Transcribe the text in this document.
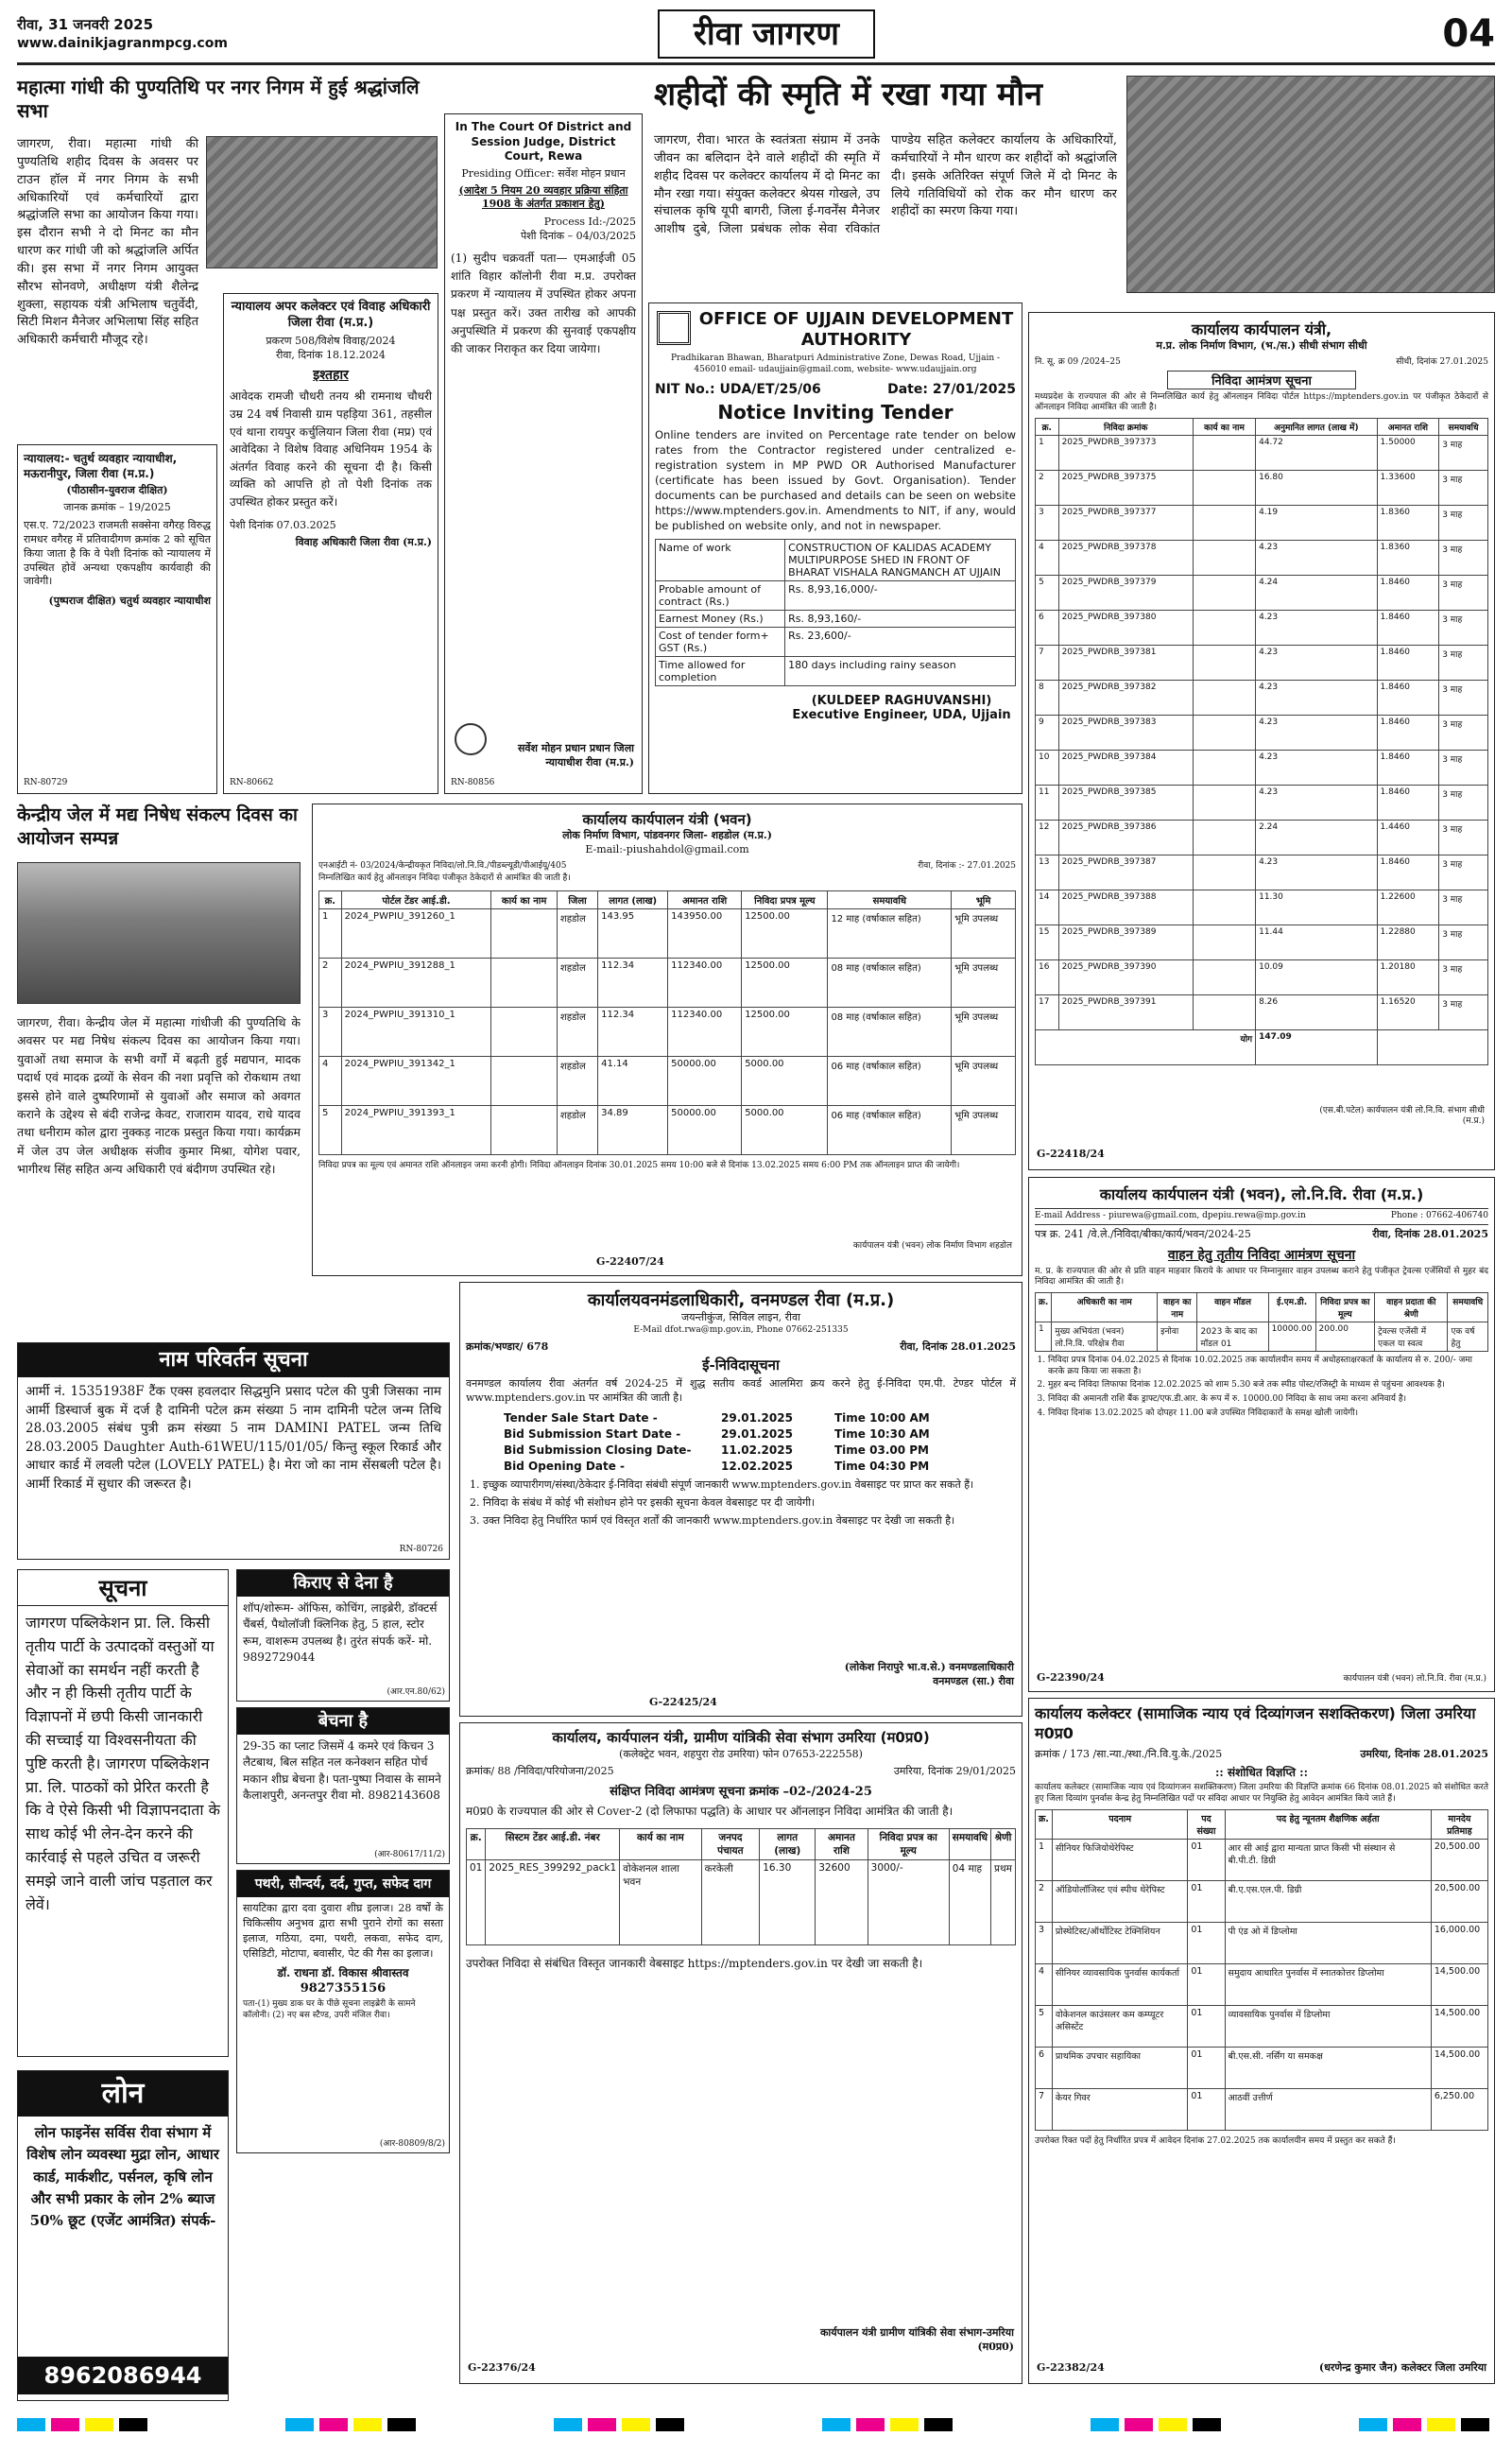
रीवा, 31 जनवरी 2025
www.dainikjagranmpcg.com	रीवा जागरण	04
महात्मा गांधी की पुण्यतिथि पर नगर निगम में हुई श्रद्धांजलि सभा
जागरण, रीवा। महात्मा गांधी की पुण्यतिथि शहीद दिवस के अवसर पर टाउन हॉल में नगर निगम के सभी अधिकारियों एवं कर्मचारियों द्वारा श्रद्धांजलि सभा का आयोजन किया गया। इस दौरान सभी ने दो मिनट का मौन धारण कर गांधी जी को श्रद्धांजलि अर्पित की। इस सभा में नगर निगम आयुक्त सौरभ सोनवणे, अधीक्षण यंत्री शैलेन्द्र शुक्ला, सहायक यंत्री अभिलाष चतुर्वेदी, सिटी मिशन मैनेजर अभिलाषा सिंह सहित अधिकारी कर्मचारी मौजूद रहे।
न्यायालय:- चतुर्थ व्यवहार न्यायाधीश, मऊरानीपुर, जिला रीवा (म.प्र.)
(पीठासीन-युवराज दीक्षित)
जानक क्रमांक – 19/2025
एस.ए. 72/2023 राजमती सक्सेना वगैरह विरुद्ध रामधर वगैरह में प्रतिवादीगण क्रमांक 2 को सूचित किया जाता है कि वे पेशी दिनांक को न्यायालय में उपस्थित होवें अन्यथा एकपक्षीय कार्यवाही की जावेगी।
(पुष्पराज दीक्षित) चतुर्थ व्यवहार न्यायाधीश
RN-80729
न्यायालय अपर कलेक्टर एवं विवाह अधिकारी जिला रीवा (म.प्र.)
प्रकरण 508/विशेष विवाह/2024
रीवा, दिनांक 18.12.2024
इश्तहार
आवेदक रामजी चौधरी तनय श्री रामनाथ चौधरी उम्र 24 वर्ष निवासी ग्राम पहड़िया 361, तहसील एवं थाना रायपुर कर्चुलियान जिला रीवा (मप्र) एवं आवेदिका ने विशेष विवाह अधिनियम 1954 के अंतर्गत विवाह करने की सूचना दी है। किसी व्यक्ति को आपत्ति हो तो पेशी दिनांक तक उपस्थित होकर प्रस्तुत करें।
पेशी दिनांक 07.03.2025
विवाह अधिकारी जिला रीवा (म.प्र.)
RN-80662
In The Court Of District and Session Judge, District Court, Rewa
Presiding Officer: सर्वेश मोहन प्रधान
(आदेश 5 नियम 20 व्यवहार प्रक्रिया संहिता 1908 के अंतर्गत प्रकाशन हेतु)
Process Id:-/2025
पेशी दिनांक – 04/03/2025
(1) सुदीप चक्रवर्ती पता— एमआईजी 05 शांति विहार कॉलोनी रीवा म.प्र. उपरोक्त प्रकरण में न्यायालय में उपस्थित होकर अपना पक्ष प्रस्तुत करें। उक्त तारीख को आपकी अनुपस्थिति में प्रकरण की सुनवाई एकपक्षीय की जाकर निराकृत कर दिया जायेगा।
सर्वेश मोहन प्रधान प्रधान जिला न्यायाधीश रीवा (म.प्र.)
RN-80856
शहीदों की स्मृति में रखा गया मौन
जागरण, रीवा। भारत के स्वतंत्रता संग्राम में उनके जीवन का बलिदान देने वाले शहीदों की स्मृति में शहीद दिवस पर कलेक्टर कार्यालय में दो मिनट का मौन रखा गया। संयुक्त कलेक्टर श्रेयस गोखले, उप संचालक कृषि यूपी बागरी, जिला ई-गवर्नेंस मैनेजर आशीष दुबे, जिला प्रबंधक लोक सेवा रविकांत पाण्डेय सहित कलेक्टर कार्यालय के अधिकारियों, कर्मचारियों ने मौन धारण कर शहीदों को श्रद्धांजलि दी। इसके अतिरिक्त संपूर्ण जिले में दो मिनट के लिये गतिविधियों को रोक कर मौन धारण कर शहीदों का स्मरण किया गया।
OFFICE OF UJJAIN DEVELOPMENT AUTHORITY
Pradhikaran Bhawan, Bharatpuri Administrative Zone, Dewas Road, Ujjain - 456010 email- udaujjain@gmail.com, website- www.udaujjain.org
NIT No.: UDA/ET/25/06	Date: 27/01/2025
Notice Inviting Tender
Online tenders are invited on Percentage rate tender on below rates from the Contractor registered under centralized e-registration system in MP PWD OR Authorised Manufacturer (certificate has been issued by Govt. Organisation). Tender documents can be purchased and details can be seen on website https://www.mptenders.gov.in. Amendments to NIT, if any, would be published on website only, and not in newspaper.
Name of work	CONSTRUCTION OF KALIDAS ACADEMY MULTIPURPOSE SHED IN FRONT OF BHARAT VISHALA RANGMANCH AT UJJAIN
Probable amount of contract (Rs.)	Rs. 8,93,16,000/-
Earnest Money (Rs.)	Rs. 8,93,160/-
Cost of tender form+ GST (Rs.)	Rs. 23,600/-
Time allowed for completion	180 days including rainy season
(KULDEEP RAGHUVANSHI)
Executive Engineer, UDA, Ujjain
कार्यालय कार्यपालन यंत्री,
म.प्र. लोक निर्माण विभाग, (भ./स.) सीधी संभाग सीधी
नि. सू. क्र 09 /2024–25	सीधी, दिनांक 27.01.2025
निविदा आमंत्रण सूचना
मध्यप्रदेश के राज्यपाल की ओर से निम्नलिखित कार्य हेतु ऑनलाइन निविदा पोर्टल https://mptenders.gov.in पर पंजीकृत ठेकेदारों से ऑनलाइन निविदा आमंत्रित की जाती है।
क्र.	निविदा क्रमांक	कार्य का नाम	अनुमानित लागत (लाख में)	अमानत राशि	समयावधि
1	2025_PWDRB_397373		44.72	1.50000	3 माह
2	2025_PWDRB_397375		16.80	1.33600	3 माह
3	2025_PWDRB_397377		4.19	1.8360	3 माह
4	2025_PWDRB_397378		4.23	1.8360	3 माह
5	2025_PWDRB_397379		4.24	1.8460	3 माह
6	2025_PWDRB_397380		4.23	1.8460	3 माह
7	2025_PWDRB_397381		4.23	1.8460	3 माह
8	2025_PWDRB_397382		4.23	1.8460	3 माह
9	2025_PWDRB_397383		4.23	1.8460	3 माह
10	2025_PWDRB_397384		4.23	1.8460	3 माह
11	2025_PWDRB_397385		4.23	1.8460	3 माह
12	2025_PWDRB_397386		2.24	1.4460	3 माह
13	2025_PWDRB_397387		4.23	1.8460	3 माह
14	2025_PWDRB_397388		11.30	1.22600	3 माह
15	2025_PWDRB_397389		11.44	1.22880	3 माह
16	2025_PWDRB_397390		10.09	1.20180	3 माह
17	2025_PWDRB_397391		8.26	1.16520	3 माह
योग			147.09		
(एस.बी.पटेल) कार्यपालन यंत्री लो.नि.वि. संभाग सीधी (म.प्र.)
G-22418/24
केन्द्रीय जेल में मद्य निषेध संकल्प दिवस का आयोजन सम्पन्न
जागरण, रीवा। केन्द्रीय जेल में महात्मा गांधीजी की पुण्यतिथि के अवसर पर मद्य निषेध संकल्प दिवस का आयोजन किया गया। युवाओं तथा समाज के सभी वर्गों में बढ़ती हुई मद्यपान, मादक पदार्थ एवं मादक द्रव्यों के सेवन की नशा प्रवृत्ति को रोकथाम तथा इससे होने वाले दुष्परिणामों से युवाओं और समाज को अवगत कराने के उद्देश्य से बंदी राजेन्द्र केवट, राजाराम यादव, राधे यादव तथा धनीराम कोल द्वारा नुक्कड़ नाटक प्रस्तुत किया गया। कार्यक्रम में जेल उप जेल अधीक्षक संजीव कुमार मिश्रा, योगेश पवार, भागीरथ सिंह सहित अन्य अधिकारी एवं बंदीगण उपस्थित रहे।
कार्यालय कार्यपालन यंत्री (भवन)
लोक निर्माण विभाग, पांडवनगर जिला- शहडोल (म.प्र.)
E-mail:-piushahdol@gmail.com
एनआईटी नं- 03/2024/केन्द्रीयकृत निविदा/लो.नि.वि./पीडब्ल्यूडी/पीआईयू/405	रीवा, दिनांक :- 27.01.2025
निम्नलिखित कार्य हेतु ऑनलाइन निविदा पंजीकृत ठेकेदारों से आमंत्रित की जाती है।
क्र.	पोर्टल टेंडर आई.डी.	कार्य का नाम	जिला	लागत (लाख)	अमानत राशि	निविदा प्रपत्र मूल्य	समयावधि	भूमि
1	2024_PWPIU_391260_1		शहडोल	143.95	143950.00	12500.00	12 माह (वर्षाकाल सहित)	भूमि उपलब्ध
2	2024_PWPIU_391288_1		शहडोल	112.34	112340.00	12500.00	08 माह (वर्षाकाल सहित)	भूमि उपलब्ध
3	2024_PWPIU_391310_1		शहडोल	112.34	112340.00	12500.00	08 माह (वर्षाकाल सहित)	भूमि उपलब्ध
4	2024_PWPIU_391342_1		शहडोल	41.14	50000.00	5000.00	06 माह (वर्षाकाल सहित)	भूमि उपलब्ध
5	2024_PWPIU_391393_1		शहडोल	34.89	50000.00	5000.00	06 माह (वर्षाकाल सहित)	भूमि उपलब्ध
निविदा प्रपत्र का मूल्य एवं अमानत राशि ऑनलाइन जमा करनी होगी। निविदा ऑनलाइन दिनांक 30.01.2025 समय 10:00 बजे से दिनांक 13.02.2025 समय 6:00 PM तक ऑनलाइन प्राप्त की जायेगी।
कार्यपालन यंत्री (भवन) लोक निर्माण विभाग शहडोल
G-22407/24
नाम परिवर्तन सूचना
आर्मी नं. 15351938F टैंक एक्स हवलदार सिद्धमुनि प्रसाद पटेल की पुत्री जिसका नाम आर्मी डिस्चार्ज बुक में दर्ज है दामिनी पटेल क्रम संख्या 5 नाम दामिनी पटेल जन्म तिथि 28.03.2005 संबंध पुत्री क्रम संख्या 5 नाम DAMINI PATEL जन्म तिथि 28.03.2005 Daughter Auth-61WEU/115/01/05/ किन्तु स्कूल रिकार्ड और आधार कार्ड में लवली पटेल (LOVELY PATEL) है। मेरा जो का नाम सेंसबली पटेल है। आर्मी रिकार्ड में सुधार की जरूरत है।
RN-80726
कार्यालय कार्यपालन यंत्री (भवन), लो.नि.वि. रीवा (म.प्र.)
E-mail Address - piurewa@gmail.com, dpepiu.rewa@mp.gov.in	Phone : 07662-406740
पत्र क्र. 241 /वे.ले./निविदा/बीका/कार्य/भवन/2024-25	रीवा, दिनांक 28.01.2025
वाहन हेतु तृतीय निविदा आमंत्रण सूचना
म. प्र. के राज्यपाल की ओर से प्रति वाहन माहवार किराये के आधार पर निम्नानुसार वाहन उपलब्ध कराने हेतु पंजीकृत ट्रेवल्स एजेंसियों से मुहर बंद निविदा आमंत्रित की जाती है।
क्र.	अधिकारी का नाम	वाहन का नाम	वाहन मॉडल	ई.एम.डी.	निविदा प्रपत्र का मूल्य	वाहन प्रदाता की श्रेणी	समयावधि
1	मुख्य अभियंता (भवन) लो.नि.वि. परिक्षेत्र रीवा	इनोवा	2023 के बाद का मॉडल 01	10000.00	200.00	ट्रेवल्स एजेंसी में एकल या स्वत्व	एक वर्ष हेतु
1. निविदा प्रपत्र दिनांक 04.02.2025 से दिनांक 10.02.2025 तक कार्यालयीन समय में अधोहस्ताक्षरकर्ता के कार्यालय से रु. 200/- जमा करके क्रय किया जा सकता है।
2. मुहर बन्द निविदा लिफाफा दिनांक 12.02.2025 को शाम 5.30 बजे तक स्पीड पोस्ट/रजिस्ट्री के माध्यम से पहुंचना आवश्यक है।
3. निविदा की अमानती राशि बैंक ड्राफ्ट/एफ.डी.आर. के रूप में रु. 10000.00 निविदा के साथ जमा करना अनिवार्य है।
4. निविदा दिनांक 13.02.2025 को दोपहर 11.00 बजे उपस्थित निविदाकारों के समक्ष खोली जायेगी।
G-22390/24	कार्यपालन यंत्री (भवन) लो.नि.वि. रीवा (म.प्र.)
कार्यालयवनमंडलाधिकारी, वनमण्डल रीवा (म.प्र.)
जयन्तीकुंज, सिविल लाइन, रीवा
E-Mail dfot.rwa@mp.gov.in, Phone 07662-251335
क्रमांक/भण्डार/ 678	रीवा, दिनांक 28.01.2025
ई-निविदासूचना
वनमण्डल कार्यालय रीवा अंतर्गत वर्ष 2024-25 में शुद्ध सतीय कवर्ड आलमिरा क्रय करने हेतु ई-निविदा एम.पी. टेण्डर पोर्टल में www.mptenders.gov.in पर आमंत्रित की जाती है।
Tender Sale Start Date -	29.01.2025	Time 10:00 AM
Bid Submission Start Date -	29.01.2025	Time 10:30 AM
Bid Submission Closing Date-	11.02.2025	Time 03.00 PM
Bid Opening Date -	12.02.2025	Time 04:30 PM
1. इच्छुक व्यापारीगण/संस्था/ठेकेदार ई-निविदा संबंधी संपूर्ण जानकारी www.mptenders.gov.in वेबसाइट पर प्राप्त कर सकते हैं।
2. निविदा के संबंध में कोई भी संशोधन होने पर इसकी सूचना केवल वेबसाइट पर दी जायेगी।
3. उक्त निविदा हेतु निर्धारित फार्म एवं विस्तृत शर्तों की जानकारी www.mptenders.gov.in वेबसाइट पर देखी जा सकती है।
(लोकेश निरापुरे भा.व.से.) वनमण्डलाधिकारी वनमण्डल (सा.) रीवा
G-22425/24
सूचना
जागरण पब्लिकेशन प्रा. लि. किसी तृतीय पार्टी के उत्पादकों वस्तुओं या सेवाओं का समर्थन नहीं करती है और न ही किसी तृतीय पार्टी के विज्ञापनों में छपी किसी जानकारी की सच्चाई या विश्वसनीयता की पुष्टि करती है। जागरण पब्लिकेशन प्रा. लि. पाठकों को प्रेरित करती है कि वे ऐसे किसी भी विज्ञापनदाता के साथ कोई भी लेन-देन करने की कार्रवाई से पहले उचित व जरूरी समझे जाने वाली जांच पड़ताल कर लेवें।
किराए से देना है
शॉप/शोरूम- ऑफिस, कोचिंग, लाइब्रेरी, डॉक्टर्स चैंबर्स, पैथोलॉजी क्लिनिक हेतु, 5 हाल, स्टोर रूम, वाशरूम उपलब्ध है। तुरंत संपर्क करें- मो. 9892729044
(आर.एन.80/62)
बेचना है
29-35 का प्लाट जिसमें 4 कमरे एवं किचन 3 लैटबाथ, बिल सहित नल कनेक्शन सहित पोर्च मकान शीघ्र बेचना है। पता-पुष्पा निवास के सामने कैलाशपुरी, अनन्तपुर रीवा मो. 8982143608
(आर-80617/11/2)
पथरी, सौन्दर्य, दर्द, गुप्त, सफेद दाग
सायटिका द्वारा दवा दुवारा शीघ्र इलाज। 28 वर्षों के चिकित्सीय अनुभव द्वारा सभी पुराने रोगों का सस्ता इलाज, गठिया, दमा, पथरी, लकवा, सफेद दाग, एसिडिटी, मोटापा, बवासीर, पेट की गैस का इलाज।
डॉ. राधना डॉ. विकास श्रीवास्तव
9827355156
पता-(1) मुख्य डाक घर के पीछे सूचना लाइब्रेरी के सामने कॉलोनी। (2) नए बस स्टैण्ड, उपरी मंजिल रीवा।
(आर-80809/8/2)
लोन
लोन फाइनेंस सर्विस रीवा संभाग में विशेष लोन व्यवस्था मुद्रा लोन, आधार कार्ड, मार्कशीट, पर्सनल, कृषि लोन और सभी प्रकार के लोन 2% ब्याज 50% छूट (एजेंट आमंत्रित) संपर्क-
8962086944
कार्यालय, कार्यपालन यंत्री, ग्रामीण यांत्रिकी सेवा संभाग उमरिया (म0प्र0)
(कलेक्ट्रेट भवन, शहपुरा रोड उमरिया) फोन 07653-222558)
क्रमांक/ 88 /निविदा/परियोजना/2025	उमरिया, दिनांक 29/01/2025
संक्षिप्त निविदा आमंत्रण सूचना क्रमांक –02-/2024-25
म0प्र0 के राज्यपाल की ओर से Cover-2 (दो लिफाफा पद्धति) के आधार पर ऑनलाइन निविदा आमंत्रित की जाती है।
क्र.	सिस्टम टेंडर आई.डी. नंबर	कार्य का नाम	जनपद पंचायत	लागत (लाख)	अमानत राशि	निविदा प्रपत्र का मूल्य	समयावधि	श्रेणी
01	2025_RES_399292_pack1	वोकेशनल शाला भवन	करकेली	16.30	32600	3000/-	04 माह	प्रथम
उपरोक्त निविदा से संबंधित विस्तृत जानकारी वेबसाइट https://mptenders.gov.in पर देखी जा सकती है।
कार्यपालन यंत्री ग्रामीण यांत्रिकी सेवा संभाग-उमरिया (म0प्र0)
G-22376/24
कार्यालय कलेक्टर (सामाजिक न्याय एवं दिव्यांगजन सशक्तिकरण) जिला उमरिया म0प्र0
क्रमांक / 173 /सा.न्या./स्था./नि.वि.यु.के./2025	उमरिया, दिनांक 28.01.2025
:: संशोधित विज्ञप्ति ::
कार्यालय कलेक्टर (सामाजिक न्याय एवं दिव्यांगजन सशक्तिकरण) जिला उमरिया की विज्ञप्ति क्रमांक 66 दिनांक 08.01.2025 को संशोधित करते हुए जिला दिव्यांग पुनर्वास केन्द्र हेतु निम्नलिखित पदों पर संविदा आधार पर नियुक्ति हेतु आवेदन आमंत्रित किये जाते हैं।
क्र.	पदनाम	पद संख्या	पद हेतु न्यूनतम शैक्षणिक अर्हता	मानदेय प्रतिमाह
1	सीनियर फिजियोथेरेपिस्ट	01	आर सी आई द्वारा मान्यता प्राप्त किसी भी संस्थान से बी.पी.टी. डिग्री	20,500.00
2	ऑडियोलॉजिस्ट एवं स्पीच थेरेपिस्ट	01	बी.ए.एस.एल.पी. डिग्री	20,500.00
3	प्रोस्थेटिस्ट/ऑर्थोटिस्ट टेक्निशियन	01	पी एंड ओ में डिप्लोमा	16,000.00
4	सीनियर व्यावसायिक पुनर्वास कार्यकर्ता	01	समुदाय आधारित पुनर्वास में स्नातकोत्तर डिप्लोमा	14,500.00
5	वोकेशनल काउंसलर कम कम्प्यूटर असिस्टेंट	01	व्यावसायिक पुनर्वास में डिप्लोमा	14,500.00
6	प्राथमिक उपचार सहायिका	01	बी.एस.सी. नर्सिंग या समकक्ष	14,500.00
7	केयर गिवर	01	आठवीं उत्तीर्ण	6,250.00
उपरोक्त रिक्त पदों हेतु निर्धारित प्रपत्र में आवेदन दिनांक 27.02.2025 तक कार्यालयीन समय में प्रस्तुत कर सकते हैं।
(धरणेन्द्र कुमार जैन) कलेक्टर जिला उमरिया
G-22382/24
